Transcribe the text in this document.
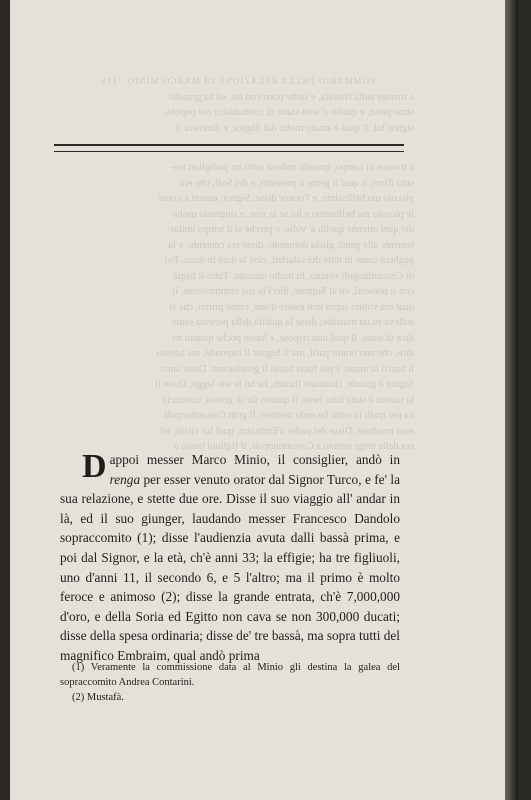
SOMMARIO DELLA RELAZIONE DI MARCO MINIO   116
a trovare sulla Natolia, e stette poco con lui, ed ha grandis-
simo poter, e quello a' suoi siano di contrabbico col popolo,
signor lui. Il qual è amato molto dal Signor, e dimostra il
a trovare in campo, quando andava sotto un padiglion tes-
suto d'oro, il qual li gente li presentò, e del Sofì, che era
piccolo ma bellissimo, e l'orator disse: Signor, quanti è come
le piccolo ma bellissimo e lui se la vise, e ringraziò molto
del quel ottenne quello a' volle, e perchè si il tempo unitar-
temente alle genti, gliela domandò; disse era contento, e la
pagherà come in tutte dei salariati, cioè la darà in dono. Poi
di Costantinopoli venuto, fu molto onorato. Tutto il bagià
con li presenti, ed al Signore, dieci la sua commissione, il
qual era voluto sopra non essere d'onè, come primo, che si
solleva su un mastabe; disse la qualità della persona esine
dice di sotto. Il qual non rispose, e bassò poche quanto tre
dire, che uno orator parli, ma il Signor li rispondè, ma adesso
li bascò la mano, e poi fuori bassò li gentiluomo. Disse anco
Signor è grande, chiamato Ibraim, ha lui le sue legge, Disse li
la nazion è stata fatta bene, il quanto dir di grossa, comincia
va per quali la sotto facendo mettere. Il gran Costantinopoli
essa insultare. Disse del padre d'Embraim, qual lui visitò, ed
era dalle terge venuto a Costantinopoli, il figliuol bassò a
D appoi messer Marco Minio, il consiglier, andò in renga per esser venuto orator dal Signor Turco, e fe' la sua relazione, e stette due ore. Disse il suo viaggio all' andar in là, ed il suo giunger, laudando messer Francesco Dandolo sopraccomito (1); disse l'audienzia avuta dalli bassà prima, e poi dal Signor, e la età, ch'è anni 33; la effigie; ha tre figliuoli, uno d'anni 11, il secondo 6, e 5 l'altro; ma il primo è molto feroce e animoso (2); disse la grande entrata, ch'è 7,000,000 d'oro, e della Soria ed Egitto non cava se non 300,000 ducati; disse della spesa ordinaria; disse de' tre bassà, ma sopra tutti del magnifico Embraim, qual andò prima

(1) Veramente la commissione data al Minio gli destina la galea del sopraccomito Andrea Contarini.

(2) Mustafà.
